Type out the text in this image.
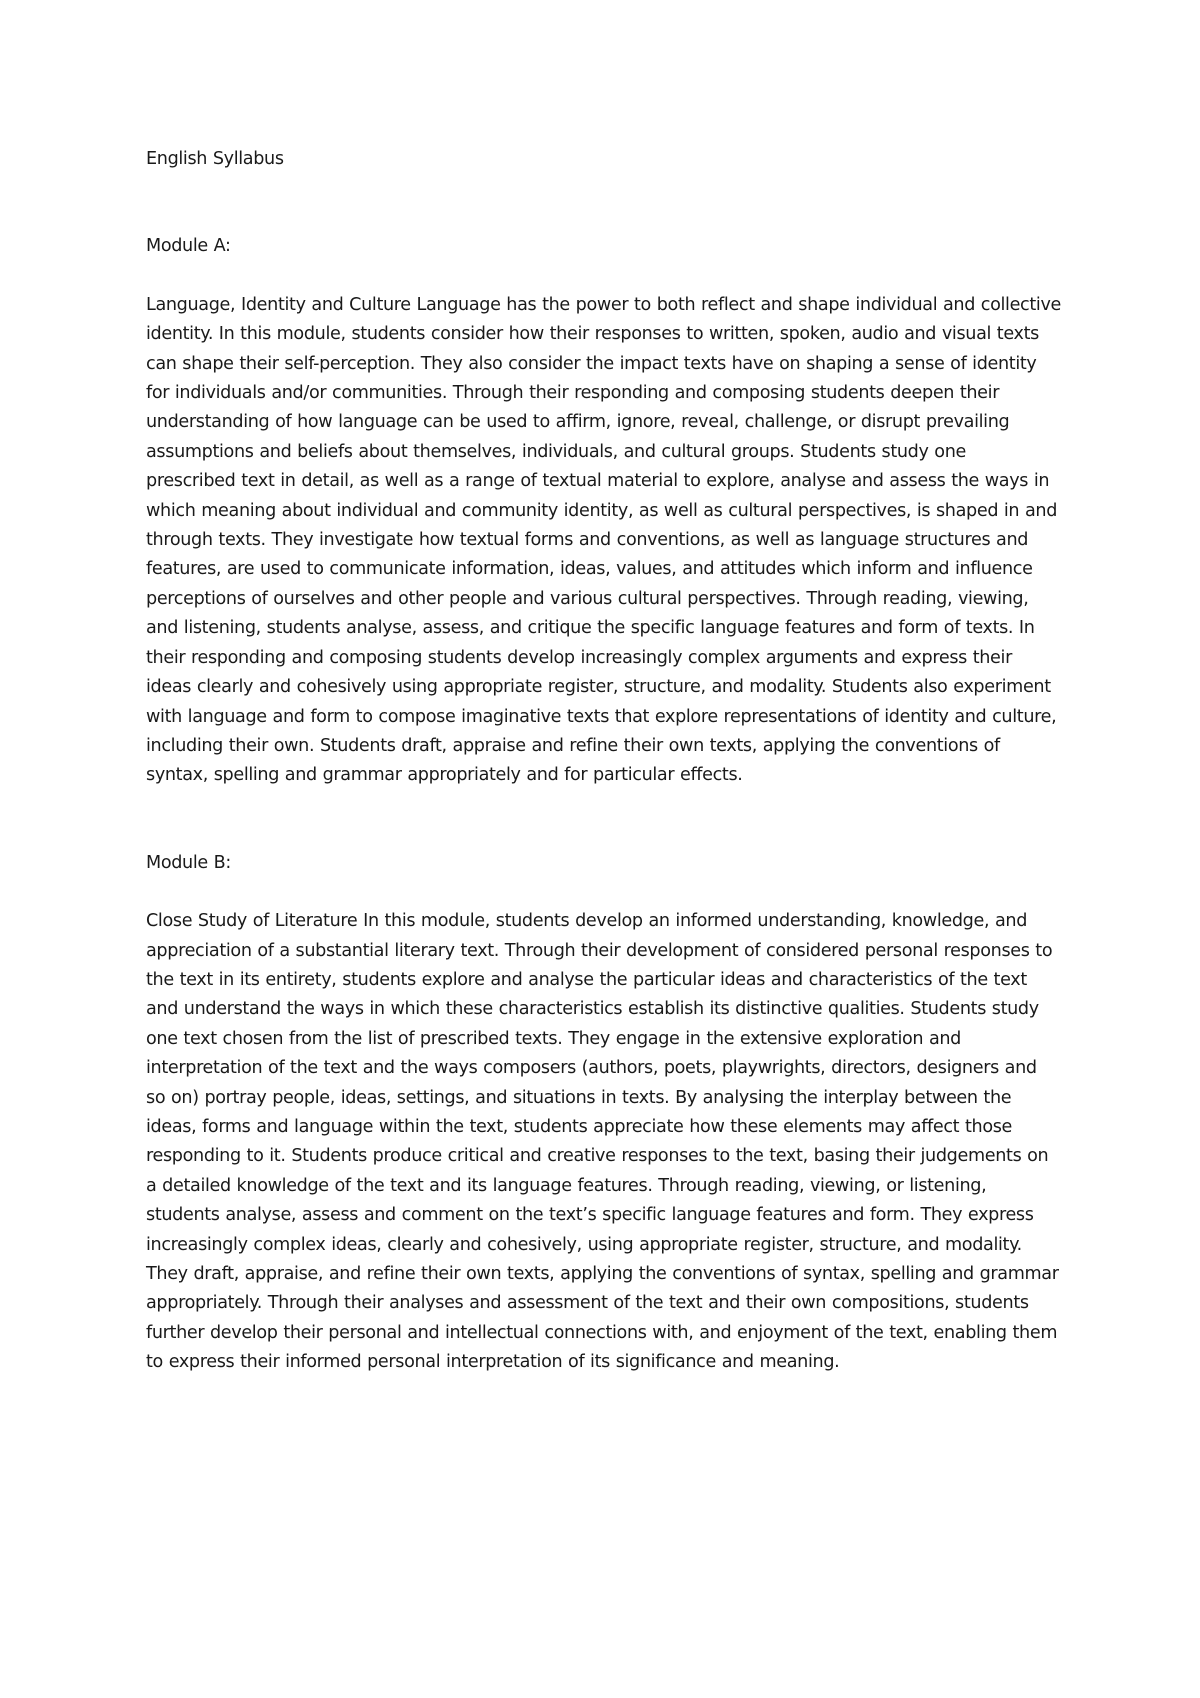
English Syllabus

Module A:

Language, Identity and Culture Language has the power to both reflect and shape individual and collective identity. In this module, students consider how their responses to written, spoken, audio and visual texts can shape their self-perception. They also consider the impact texts have on shaping a sense of identity for individuals and/or communities. Through their responding and composing students deepen their understanding of how language can be used to affirm, ignore, reveal, challenge, or disrupt prevailing assumptions and beliefs about themselves, individuals, and cultural groups. Students study one prescribed text in detail, as well as a range of textual material to explore, analyse and assess the ways in which meaning about individual and community identity, as well as cultural perspectives, is shaped in and through texts. They investigate how textual forms and conventions, as well as language structures and features, are used to communicate information, ideas, values, and attitudes which inform and influence perceptions of ourselves and other people and various cultural perspectives. Through reading, viewing, and listening, students analyse, assess, and critique the specific language features and form of texts. In their responding and composing students develop increasingly complex arguments and express their ideas clearly and cohesively using appropriate register, structure, and modality. Students also experiment with language and form to compose imaginative texts that explore representations of identity and culture, including their own. Students draft, appraise and refine their own texts, applying the conventions of syntax, spelling and grammar appropriately and for particular effects.

Module B:

Close Study of Literature In this module, students develop an informed understanding, knowledge, and appreciation of a substantial literary text. Through their development of considered personal responses to the text in its entirety, students explore and analyse the particular ideas and characteristics of the text and understand the ways in which these characteristics establish its distinctive qualities. Students study one text chosen from the list of prescribed texts. They engage in the extensive exploration and interpretation of the text and the ways composers (authors, poets, playwrights, directors, designers and so on) portray people, ideas, settings, and situations in texts. By analysing the interplay between the ideas, forms and language within the text, students appreciate how these elements may affect those responding to it. Students produce critical and creative responses to the text, basing their judgements on a detailed knowledge of the text and its language features. Through reading, viewing, or listening, students analyse, assess and comment on the text’s specific language features and form. They express increasingly complex ideas, clearly and cohesively, using appropriate register, structure, and modality. They draft, appraise, and refine their own texts, applying the conventions of syntax, spelling and grammar appropriately. Through their analyses and assessment of the text and their own compositions, students further develop their personal and intellectual connections with, and enjoyment of the text, enabling them to express their informed personal interpretation of its significance and meaning.
